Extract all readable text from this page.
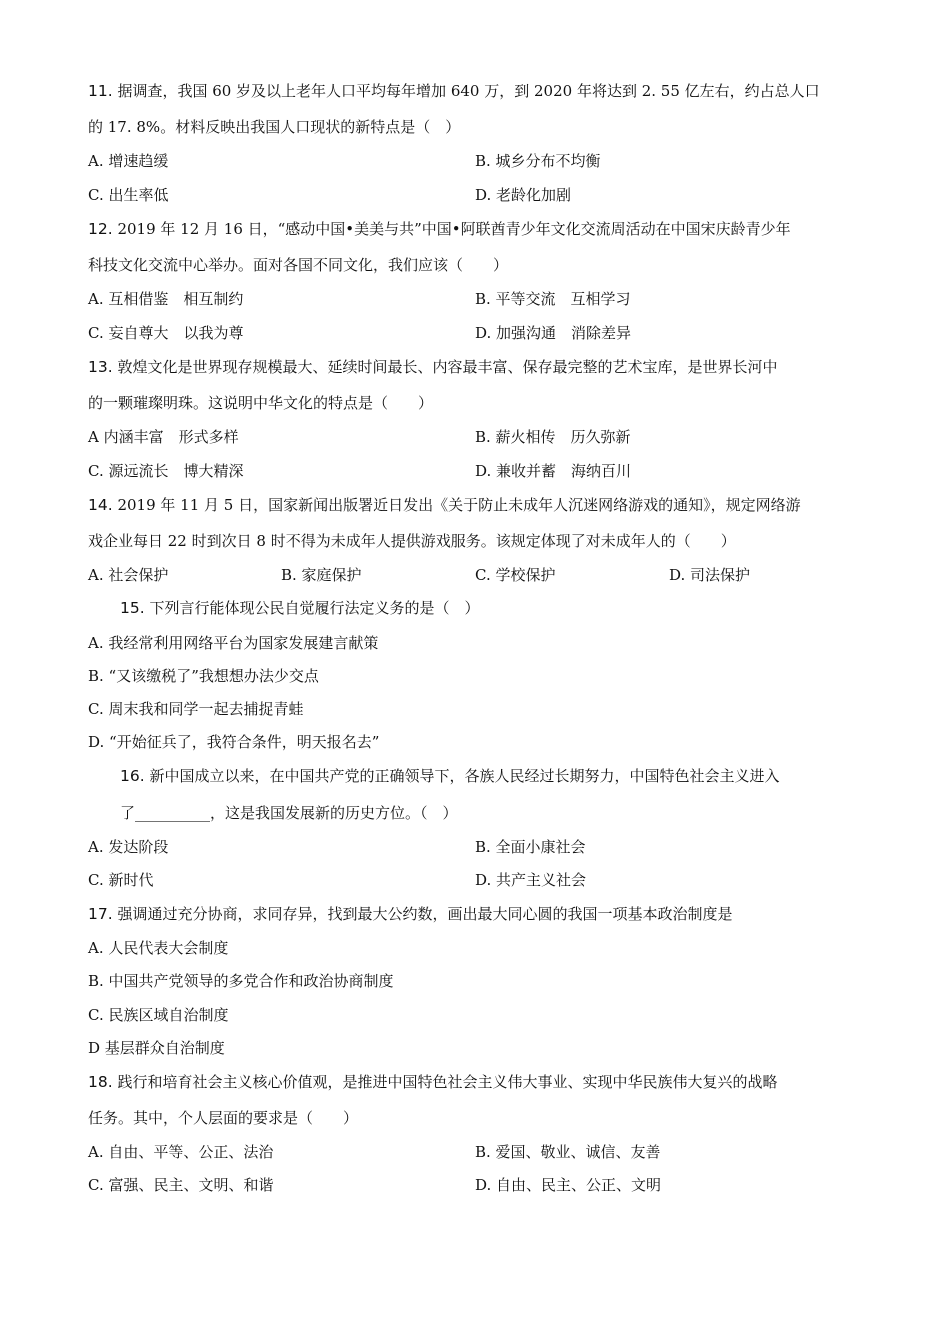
11. 据调查，我国 60 岁及以上老年人口平均每年增加 640 万，到 2020 年将达到 2. 55 亿左右，约占总人口
的 17. 8%。材料反映出我国人口现状的新特点是（　）
A. 增速趋缓	B. 城乡分布不均衡
C. 出生率低	D. 老龄化加剧
12. 2019 年 12 月 16 日，“感动中国•美美与共”中国•阿联酋青少年文化交流周活动在中国宋庆龄青少年
科技文化交流中心举办。面对各国不同文化，我们应该（　　）
A. 互相借鉴　相互制约	B. 平等交流　互相学习
C. 妄自尊大　以我为尊	D. 加强沟通　消除差异
13. 敦煌文化是世界现存规模最大、延续时间最长、内容最丰富、保存最完整的艺术宝库，是世界长河中
的一颗璀璨明珠。这说明中华文化的特点是（　　）
A 内涵丰富　形式多样	B. 薪火相传　历久弥新
C. 源远流长　博大精深	D. 兼收并蓄　海纳百川
14. 2019 年 11 月 5 日，国家新闻出版署近日发出《关于防止未成年人沉迷网络游戏的通知》，规定网络游
戏企业每日 22 时到次日 8 时不得为未成年人提供游戏服务。该规定体现了对未成年人的（　　）
A. 社会保护	B. 家庭保护	C. 学校保护	D. 司法保护
15. 下列言行能体现公民自觉履行法定义务的是（　）
A. 我经常利用网络平台为国家发展建言献策
B. “又该缴税了”我想想办法少交点
C. 周末我和同学一起去捕捉青蛙
D. “开始征兵了，我符合条件，明天报名去”
16. 新中国成立以来，在中国共产党的正确领导下，各族人民经过长期努力，中国特色社会主义进入
了__________，这是我国发展新的历史方位。（　）
A. 发达阶段	B. 全面小康社会
C. 新时代	D. 共产主义社会
17. 强调通过充分协商，求同存异，找到最大公约数，画出最大同心圆的我国一项基本政治制度是
A. 人民代表大会制度
B. 中国共产党领导的多党合作和政治协商制度
C. 民族区域自治制度
D 基层群众自治制度
18. 践行和培育社会主义核心价值观，是推进中国特色社会主义伟大事业、实现中华民族伟大复兴的战略
任务。其中，个人层面的要求是（　　）
A. 自由、平等、公正、法治	B. 爱国、敬业、诚信、友善
C. 富强、民主、文明、和谐	D. 自由、民主、公正、文明
